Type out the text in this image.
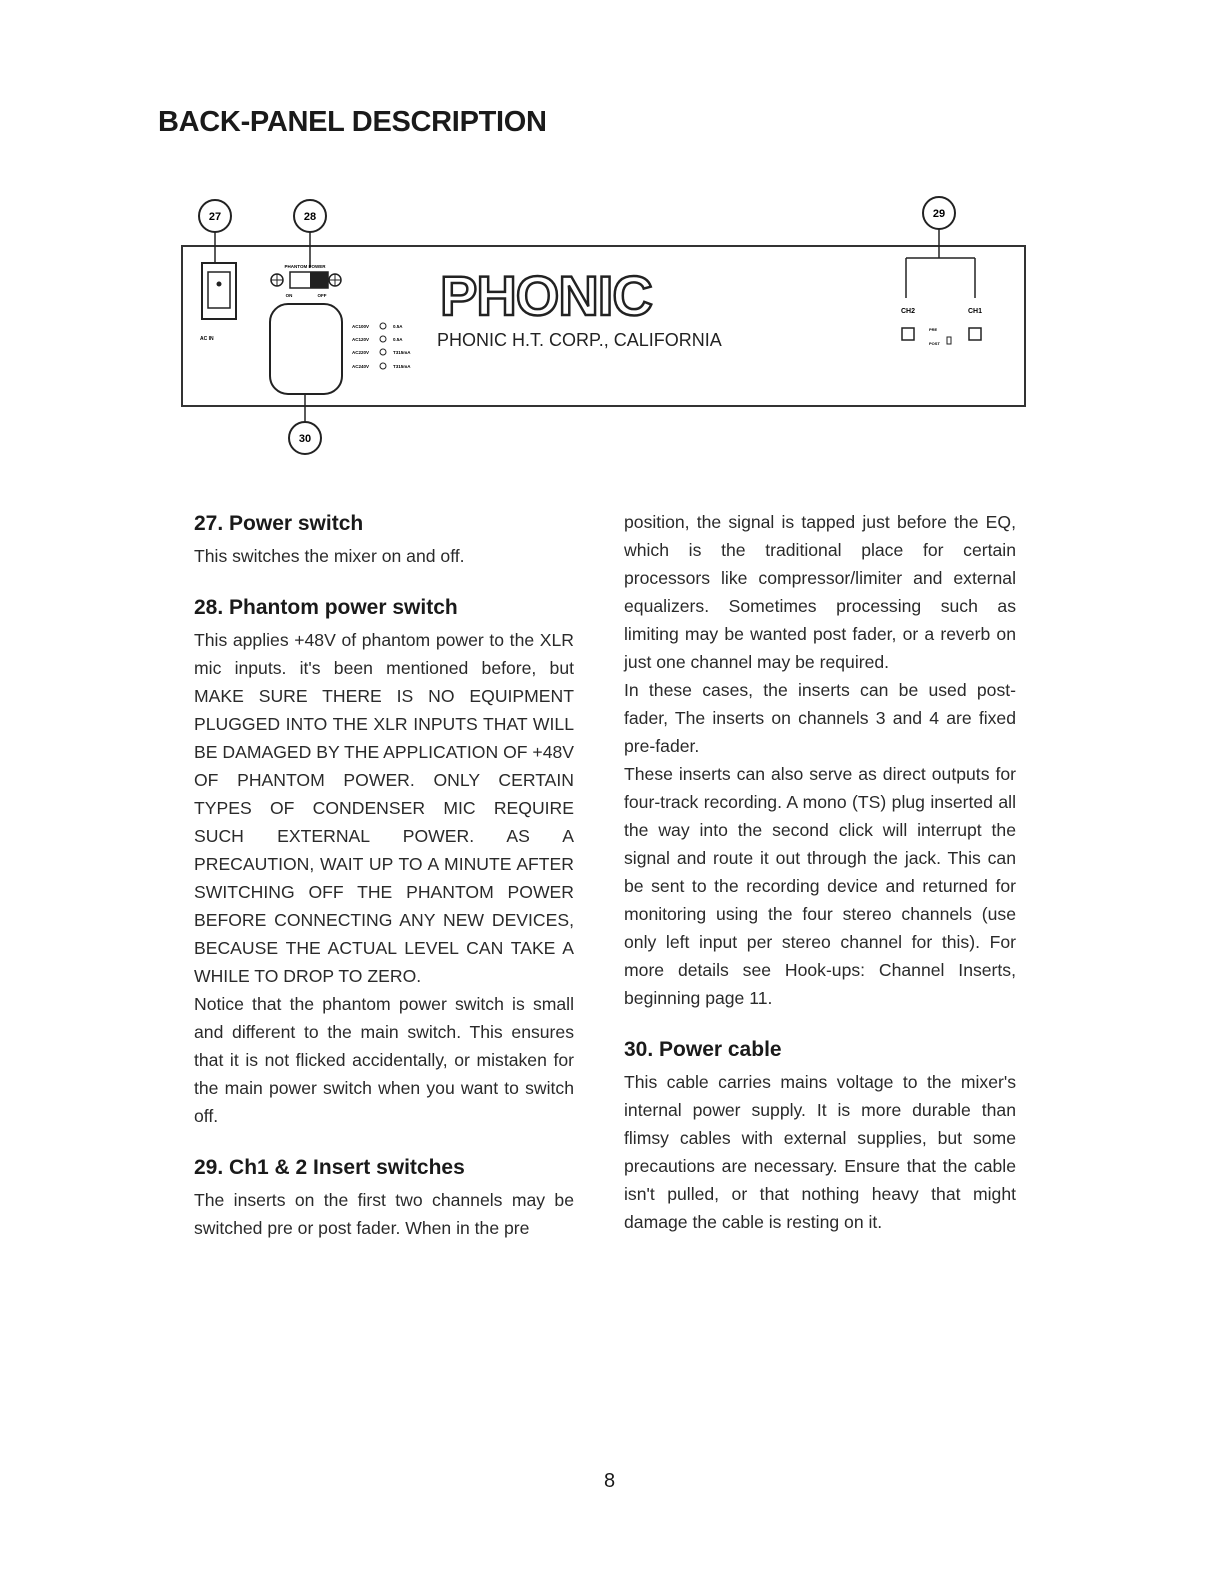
BACK-PANEL DESCRIPTION
27
AC IN
28
PHANTOM POWER
ON	OFF
AC100V	0.5A
AC120V	0.5A
AC220V	T315mA
AC240V	T315mA
PHONIC
PHONIC H.T. CORP., CALIFORNIA
29
CH2	CH1
PRE
POST
30
27. Power switch

This switches the mixer on and off.

28. Phantom power switch

This applies +48V of phantom power to the XLR mic inputs. it's been mentioned before, but MAKE SURE THERE IS NO EQUIPMENT PLUGGED INTO THE XLR INPUTS THAT WILL BE DAMAGED BY THE APPLICATION OF +48V OF PHANTOM POWER. ONLY CERTAIN TYPES OF CONDENSER MIC REQUIRE SUCH EXTERNAL POWER. AS A PRECAUTION, WAIT UP TO A MINUTE AFTER SWITCHING OFF THE PHANTOM POWER BEFORE CONNECTING ANY NEW DEVICES, BECAUSE THE ACTUAL LEVEL CAN TAKE A WHILE TO DROP TO ZERO.

Notice that the phantom power switch is small and different to the main switch. This ensures that it is not flicked accidentally, or mistaken for the main power switch when you want to switch off.

29. Ch1 & 2 Insert switches

The inserts on the first two channels may be switched pre or post fader. When in the pre

position, the signal is tapped just before the EQ, which is the traditional place for certain processors like compressor/limiter and external equalizers. Sometimes processing such as limiting may be wanted post fader, or a reverb on just one channel may be required.

In these cases, the inserts can be used post-fader, The inserts on channels 3 and 4 are fixed pre-fader.

These inserts can also serve as direct outputs for four-track recording. A mono (TS) plug inserted all the way into the second click will interrupt the signal and route it out through the jack. This can be sent to the recording device and returned for monitoring using the four stereo channels (use only left input per stereo channel for this). For more details see Hook-ups: Channel Inserts, beginning page 11.

30. Power cable

This cable carries mains voltage to the mixer's internal power supply. It is more durable than flimsy cables with external supplies, but some precautions are necessary. Ensure that the cable isn't pulled, or that nothing heavy that might damage the cable is resting on it.

8
